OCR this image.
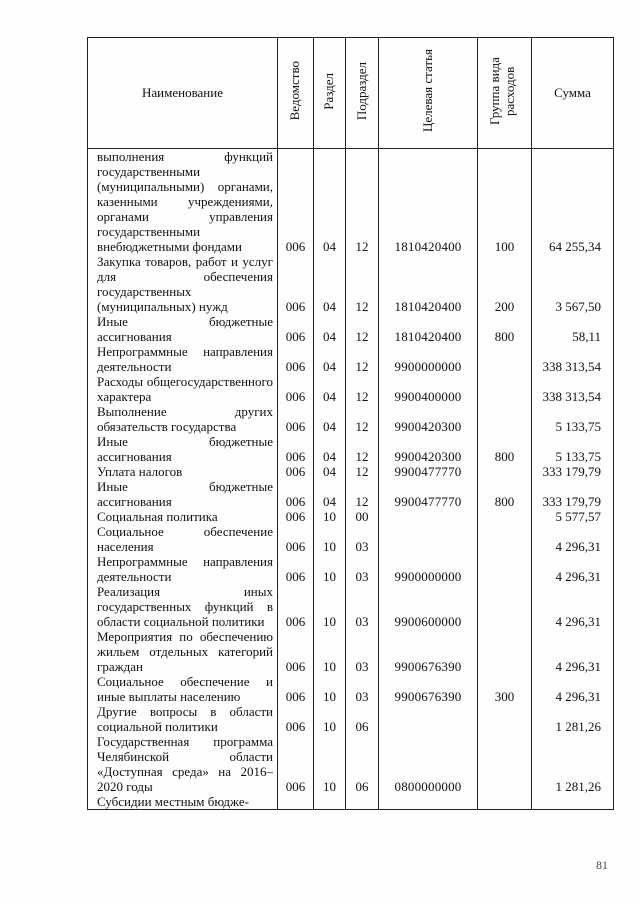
Наименование	Ведомство	Раздел	Подраздел	Целевая статья	Группа вида расходов	Сумма
выполнения функций государственными (муниципальными) органами, казенными учреждениями, органами управления государственными внебюджетными фондами	006	04	12	1810420400	100	64 255,34
Закупка товаров, работ и услуг для обеспечения государственных (муниципальных) нужд	006	04	12	1810420400	200	3 567,50
Иные бюджетные ассигнования	006	04	12	1810420400	800	58,11
Непрограммные направления деятельности	006	04	12	9900000000		338 313,54
Расходы общегосударственного характера	006	04	12	9900400000		338 313,54
Выполнение других обязательств государства	006	04	12	9900420300		5 133,75
Иные бюджетные ассигнования	006	04	12	9900420300	800	5 133,75
Уплата налогов	006	04	12	9900477770		333 179,79
Иные бюджетные ассигнования	006	04	12	9900477770	800	333 179,79
Социальная политика	006	10	00			5 577,57
Социальное обеспечение населения	006	10	03			4 296,31
Непрограммные направления деятельности	006	10	03	9900000000		4 296,31
Реализация иных государственных функций в области социальной политики	006	10	03	9900600000		4 296,31
Мероприятия по обеспечению жильем отдельных категорий граждан	006	10	03	9900676390		4 296,31
Социальное обеспечение и иные выплаты населению	006	10	03	9900676390	300	4 296,31
Другие вопросы в области социальной политики	006	10	06			1 281,26
Государственная программа Челябинской области «Доступная среда» на 2016–2020 годы	006	10	06	0800000000		1 281,26
Субсидии местным бюдже-						
81
